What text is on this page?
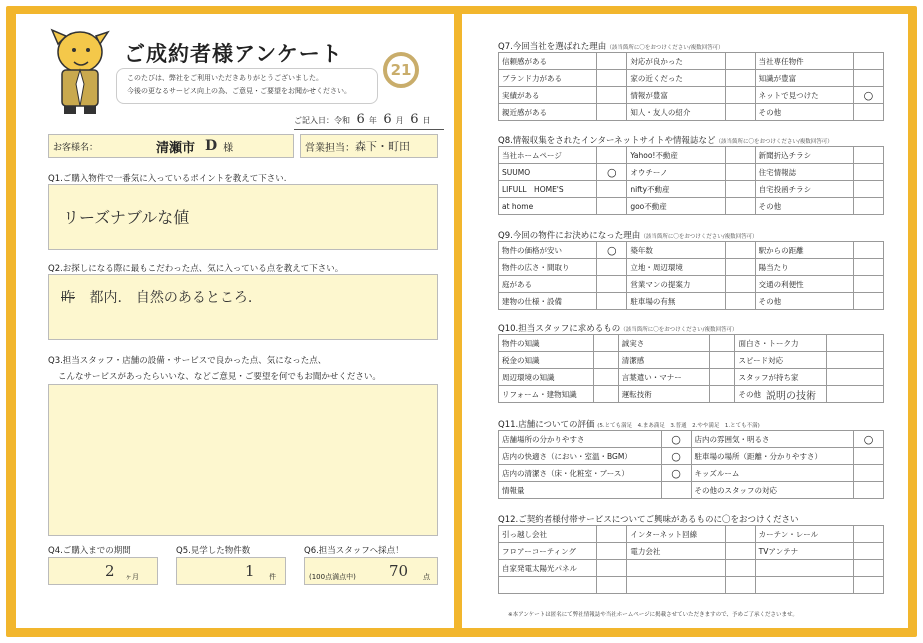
ご成約者様アンケート
このたびは、弊社をご利用いただきありがとうございました。
今後の更なるサービス向上の為、ご意見・ご要望をお聞かせください。
21
ご記入日：令和 6 年 6 月 6 日
お客様名：	清瀬市 D 様	営業担当： 森下・町田
Q1.ご購入物件で一番気に入っているポイントを教えて下さい.
リーズナブルな値
Q2.お探しになる際に最もこだわった点、気に入っている点を教えて下さい。
昨 都内.　自然のあるところ.
Q3.担当スタッフ・店舗の設備・サービスで良かった点、気になった点、
こんなサービスがあったらいいな、などご意見・ご要望を何でもお聞かせください。
Q4.ご購入までの期間
2 ヶ月
Q5.見学した物件数
1 件
Q6.担当スタッフへ採点！
(100点満点中) 70 点
Q7.今回当社を選ばれた理由（該当箇所に〇をおつけください/複数回答可）
信頼感がある		対応が良かった		当社専任物件	
ブランド力がある		家の近くだった		知識が豊富	
実績がある		情報が豊富		ネットで見つけた	○
親近感がある		知人・友人の紹介		その他	
Q8.情報収集をされたインターネットサイトや情報誌など（該当箇所に〇をおつけください/複数回答可）
当社ホームページ		Yahoo!不動産		新聞折込チラシ	
SUUMO	○	オウチーノ		住宅情報誌	
LIFULL　HOME'S		nifty不動産		自宅投函チラシ	
at home		goo不動産		その他	
Q9.今回の物件にお決めになった理由（該当箇所に〇をおつけください/複数回答可）
物件の価格が安い	○	築年数		駅からの距離	
物件の広さ・間取り		立地・周辺環境		陽当たり	
庭がある		営業マンの提案力		交通の利便性	
建物の仕様・設備		駐車場の有無		その他	
Q10.担当スタッフに求めるもの（該当箇所に〇をおつけください/複数回答可）
物件の知識		誠実さ		面白さ・トーク力	
税金の知識		清潔感		スピード対応	
周辺環境の知識		言葉遣い・マナー		スタッフが持ち家	
リフォーム・建物知識		運転技術		その他	説明の技術
Q11.店舗についての評価 (5.とても満足　4.まあ満足　3.普通　2.やや満足　1.とても不満)
店舗場所の分かりやすさ	○	店内の雰囲気・明るさ	○
店内の快適さ（におい・室温・BGM）	○	駐車場の場所（距離・分かりやすさ）	
店内の清潔さ（床・化粧室・ブース）	○	キッズルーム	
情報量		その他のスタッフの対応	
Q12.ご契約者様付帯サービスについてご興味があるものに〇をおつけください
引っ越し会社		インターネット回線		カーテン・レール	
フロアーコーティング		電力会社		TVアンテナ	
自家発電太陽光パネル					

※本アンケートは匿名にて弊社情報誌や当社ホームページに掲載させていただきますので、予めご了承くださいませ。
